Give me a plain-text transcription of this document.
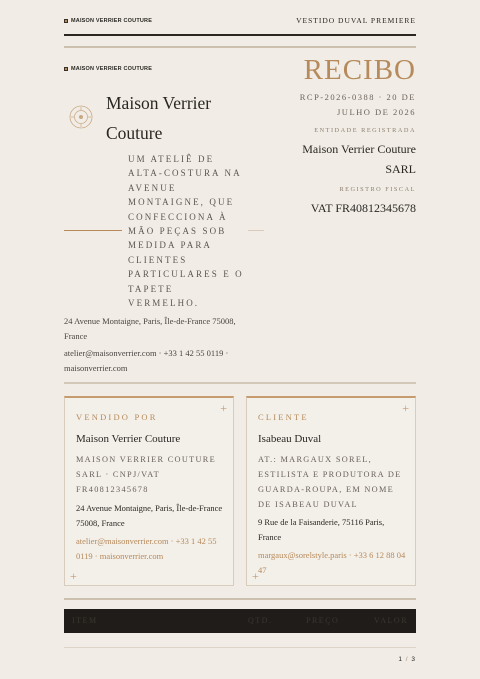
MAISON VERRIER COUTURE	VESTIDO DUVAL PREMIERE
MAISON VERRIER COUTURE
Maison Verrier Couture
UM ATELIÊ DE ALTA-COSTURA NA AVENUE MONTAIGNE, QUE CONFECCIONA À MÃO PEÇAS SOB MEDIDA PARA CLIENTES PARTICULARES E O TAPETE VERMELHO.
24 Avenue Montaigne, Paris, Île-de-France 75008, France
atelier@maisonverrier.com · +33 1 42 55 0119 · maisonverrier.com
RECIBO
RCP-2026-0388 · 20 DE JULHO DE 2026
ENTIDADE REGISTRADA
Maison Verrier Couture SARL
REGISTRO FISCAL
VAT FR40812345678
+
VENDIDO POR
Maison Verrier Couture
MAISON VERRIER COUTURE SARL · CNPJ/VAT FR40812345678
24 Avenue Montaigne, Paris, Île-de-France 75008, France
atelier@maisonverrier.com · +33 1 42 55 0119 · maisonverrier.com
+
+
CLIENTE
Isabeau Duval
AT.: MARGAUX SOREL, ESTILISTA E PRODUTORA DE GUARDA-ROUPA, EM NOME DE ISABEAU DUVAL
9 Rue de la Faisanderie, 75116 Paris, France
margaux@sorelstyle.paris · +33 6 12 88 04 47
+
ITEM	QTD.	PREÇO	VALOR
1 / 3
